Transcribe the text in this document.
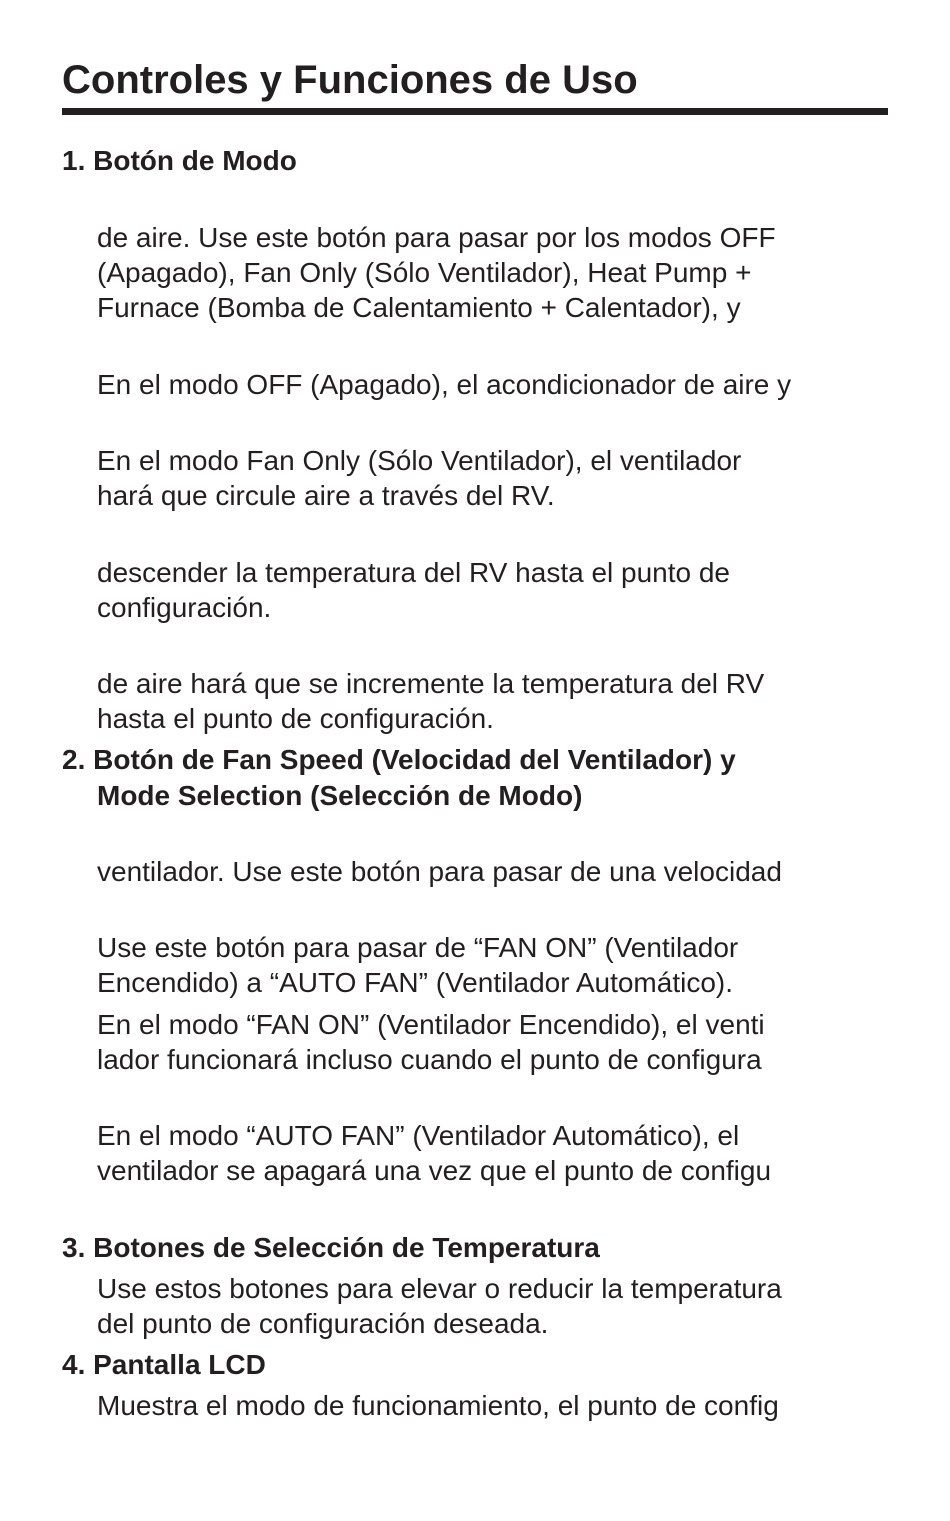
Controles y Funciones de Uso
1. Botón de Modo
de aire. Use este botón para pasar por los modos OFF
(Apagado), Fan Only (Sólo Ventilador), Heat Pump +
Furnace (Bomba de Calentamiento + Calentador), y
En el modo OFF (Apagado), el acondicionador de aire y
En el modo Fan Only (Sólo Ventilador), el ventilador
hará que circule aire a través del RV.
descender la temperatura del RV hasta el punto de
configuración.
de aire hará que se incremente la temperatura del RV
hasta el punto de configuración.
2. Botón de Fan Speed (Velocidad del Ventilador) y
Mode Selection (Selección de Modo)
ventilador. Use este botón para pasar de una velocidad
Use este botón para pasar de “FAN ON” (Ventilador
Encendido) a “AUTO FAN” (Ventilador Automático).
En el modo “FAN ON” (Ventilador Encendido), el venti
lador funcionará incluso cuando el punto de configura
En el modo “AUTO FAN” (Ventilador Automático), el
ventilador se apagará una vez que el punto de configu
3. Botones de Selección de Temperatura
Use estos botones para elevar o reducir la temperatura
del punto de configuración deseada.
4. Pantalla LCD
Muestra el modo de funcionamiento, el punto de config
